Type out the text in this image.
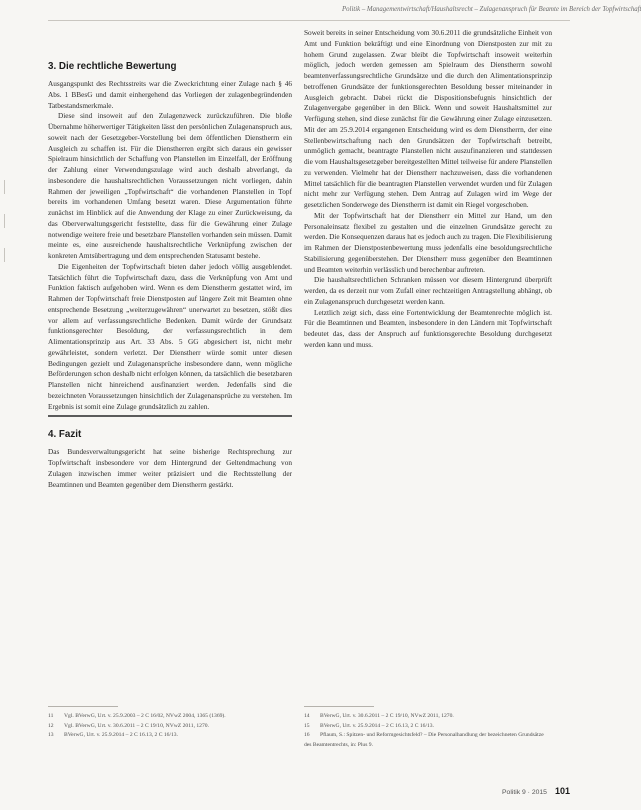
Politik – Managementwirtschaft/Haushaltsrecht – Zulagenanspruch für Beamte im Bereich der Topfwirtschaft
3. Die rechtliche Bewertung

Ausgangspunkt des Rechtsstreits war die Zweckrichtung einer Zulage nach § 46 Abs. 1 BBesG und damit einhergehend das Vorliegen der zulagenbegründenden Tatbestandsmerkmale.

Diese sind insoweit auf den Zulagenzweck zurückzuführen. Die bloße Übernahme höherwertiger Tätigkeiten lässt den persönlichen Zulagenanspruch aus, soweit nach der Gesetzgeber-Vorstellung bei dem öffentlichen Dienstherrn ein Ausgleich zu schaffen ist. Für die Dienstherren ergibt sich daraus ein gewisser Spielraum hinsichtlich der Schaffung von Planstellen im Einzelfall, der Eröffnung der Zahlung einer Verwendungszulage wird auch deshalb abverlangt, da insbesondere die haushaltsrechtlichen Voraussetzungen nicht vorliegen, dahin Rahmen der jeweiligen „Topfwirtschaft“ die vorhandenen Planstellen in Topf bereits im vorhandenen Umfang besetzt waren. Diese Argumentation führte zunächst im Hinblick auf die Anwendung der Klage zu einer Zurückweisung, da das Oberverwaltungsgericht feststellte, dass für die Gewährung einer Zulage notwendige weitere freie und besetzbare Planstellen vorhanden sein müssen. Damit meinte es, eine ausreichende haushaltsrechtliche Verknüpfung zwischen der konkreten Amtsübertragung und dem entsprechenden Statusamt bestehe.

Die Eigenheiten der Topfwirtschaft bieten daher jedoch völlig ausgeblendet. Tatsächlich führt die Topfwirtschaft dazu, dass die Verknüpfung von Amt und Funktion faktisch aufgehoben wird. Wenn es dem Dienstherrn gestattet wird, im Rahmen der Topfwirtschaft freie Dienstposten auf längere Zeit mit Beamten ohne entsprechende Besetzung „weiterzugewähren“ unerwartet zu besetzen, stößt dies vor allem auf verfassungsrechtliche Bedenken. Damit würde der Grundsatz funktionsgerechter Besoldung, der verfassungsrechtlich in dem Alimentationsprinzip aus Art. 33 Abs. 5 GG abgesichert ist, nicht mehr gewährleistet, sondern verletzt. Der Dienstherr würde somit unter diesen Bedingungen gezielt und Zulagenansprüche insbesondere dann, wenn mögliche Beförderungen schon deshalb nicht erfolgen können, da tatsächlich die besetzbaren Planstellen nicht hinreichend ausfinanziert werden. Jedenfalls sind die bezeichneten Voraussetzungen hinsichtlich der Zulagenansprüche zu verstehen. Im Ergebnis ist somit eine Zulage grundsätzlich zu zahlen.

4. Fazit

Das Bundesverwaltungsgericht hat seine bisherige Rechtsprechung zur Topfwirtschaft insbesondere vor dem Hintergrund der Geltendmachung von Zulagen inzwischen immer weiter präzisiert und die Rechtsstellung der Beamtinnen und Beamten gegenüber dem Dienstherrn gestärkt.

Soweit bereits in seiner Entscheidung vom 30.6.2011 die grundsätzliche Einheit von Amt und Funktion bekräftigt und eine Einordnung von Dienstposten zur mit zu hohem Grund zugelassen. Zwar bleibt die Topfwirtschaft insoweit weiterhin möglich, jedoch werden gemessen am Spielraum des Dienstherrn sowohl beamtenverfassungsrechtliche Grundsätze und die durch den Alimentationsprinzip betroffenen Grundsätze der funktionsgerechten Besoldung besser miteinander in Ausgleich gebracht. Dabei rückt die Dispositionsbefugnis hinsichtlich der Zulagenvergabe gegenüber in den Blick. Wenn und soweit Haushaltsmittel zur Verfügung stehen, sind diese zunächst für die Gewährung einer Zulage einzusetzen. Mit der am 25.9.2014 ergangenen Entscheidung wird es dem Dienstherrn, der eine Stellenbewirtschaftung nach den Grundsätzen der Topfwirtschaft betreibt, unmöglich gemacht, beantragte Planstellen nicht auszufinanzieren und stattdessen die vom Haushaltsgesetzgeber bereitgestellten Mittel teilweise für andere Planstellen zu verwenden. Vielmehr hat der Dienstherr nachzuweisen, dass die vorhandenen Mittel tatsächlich für die beantragten Planstellen verwendet wurden und für Zulagen nicht mehr zur Verfügung stehen. Dem Antrag auf Zulagen wird im Wege der gesetzlichen Sonderwege des Dienstherrn ist damit ein Riegel vorgeschoben.

Mit der Topfwirtschaft hat der Dienstherr ein Mittel zur Hand, um den Personaleinsatz flexibel zu gestalten und die einzelnen Grundsätze gerecht zu werden. Die Konsequenzen daraus hat es jedoch auch zu tragen. Die Flexibilisierung im Rahmen der Dienstpostenbewertung muss jedenfalls eine besoldungsrechtliche Stabilisierung gegenüberstehen. Der Dienstherr muss gegenüber den Beamtinnen und Beamten weiterhin verlässlich und berechenbar auftreten.

Die haushaltsrechtlichen Schranken müssen vor diesem Hintergrund überprüft werden, da es derzeit nur vom Zufall einer rechtzeitigen Antragstellung abhängt, ob ein Zulagenanspruch durchgesetzt werden kann.

Letztlich zeigt sich, dass eine Fortentwicklung der Beamtenrechte möglich ist. Für die Beamtinnen und Beamten, insbesondere in den Ländern mit Topfwirtschaft bedeutet das, dass der Anspruch auf funktionsgerechte Besoldung durchgesetzt werden kann und muss.

11 Vgl. BVerwG, Urt. v. 25.9.2003 – 2 C 16/02, NVwZ 2004, 1365 (1369).

12 Vgl. BVerwG, Urt. v. 30.6.2011 – 2 C 19/10, NVwZ 2011, 1270.

13 BVerwG, Urt. v. 25.9.2014 – 2 C 16.13, 2 C 16/13.

14 BVerwG, Urt. v. 30.6.2011 – 2 C 19/10, NVwZ 2011, 1270.

15 BVerwG, Urt. v. 25.9.2014 – 2 C 16.13, 2 C 16/13.

16 Pflaum, S.: Spitzen- und Reformgesichtsfeld? – Die Personalhandlung der bezeichneten Grundsätze des Beamtentrechts, in: Plus 9.

Politik 9 · 2015 101
